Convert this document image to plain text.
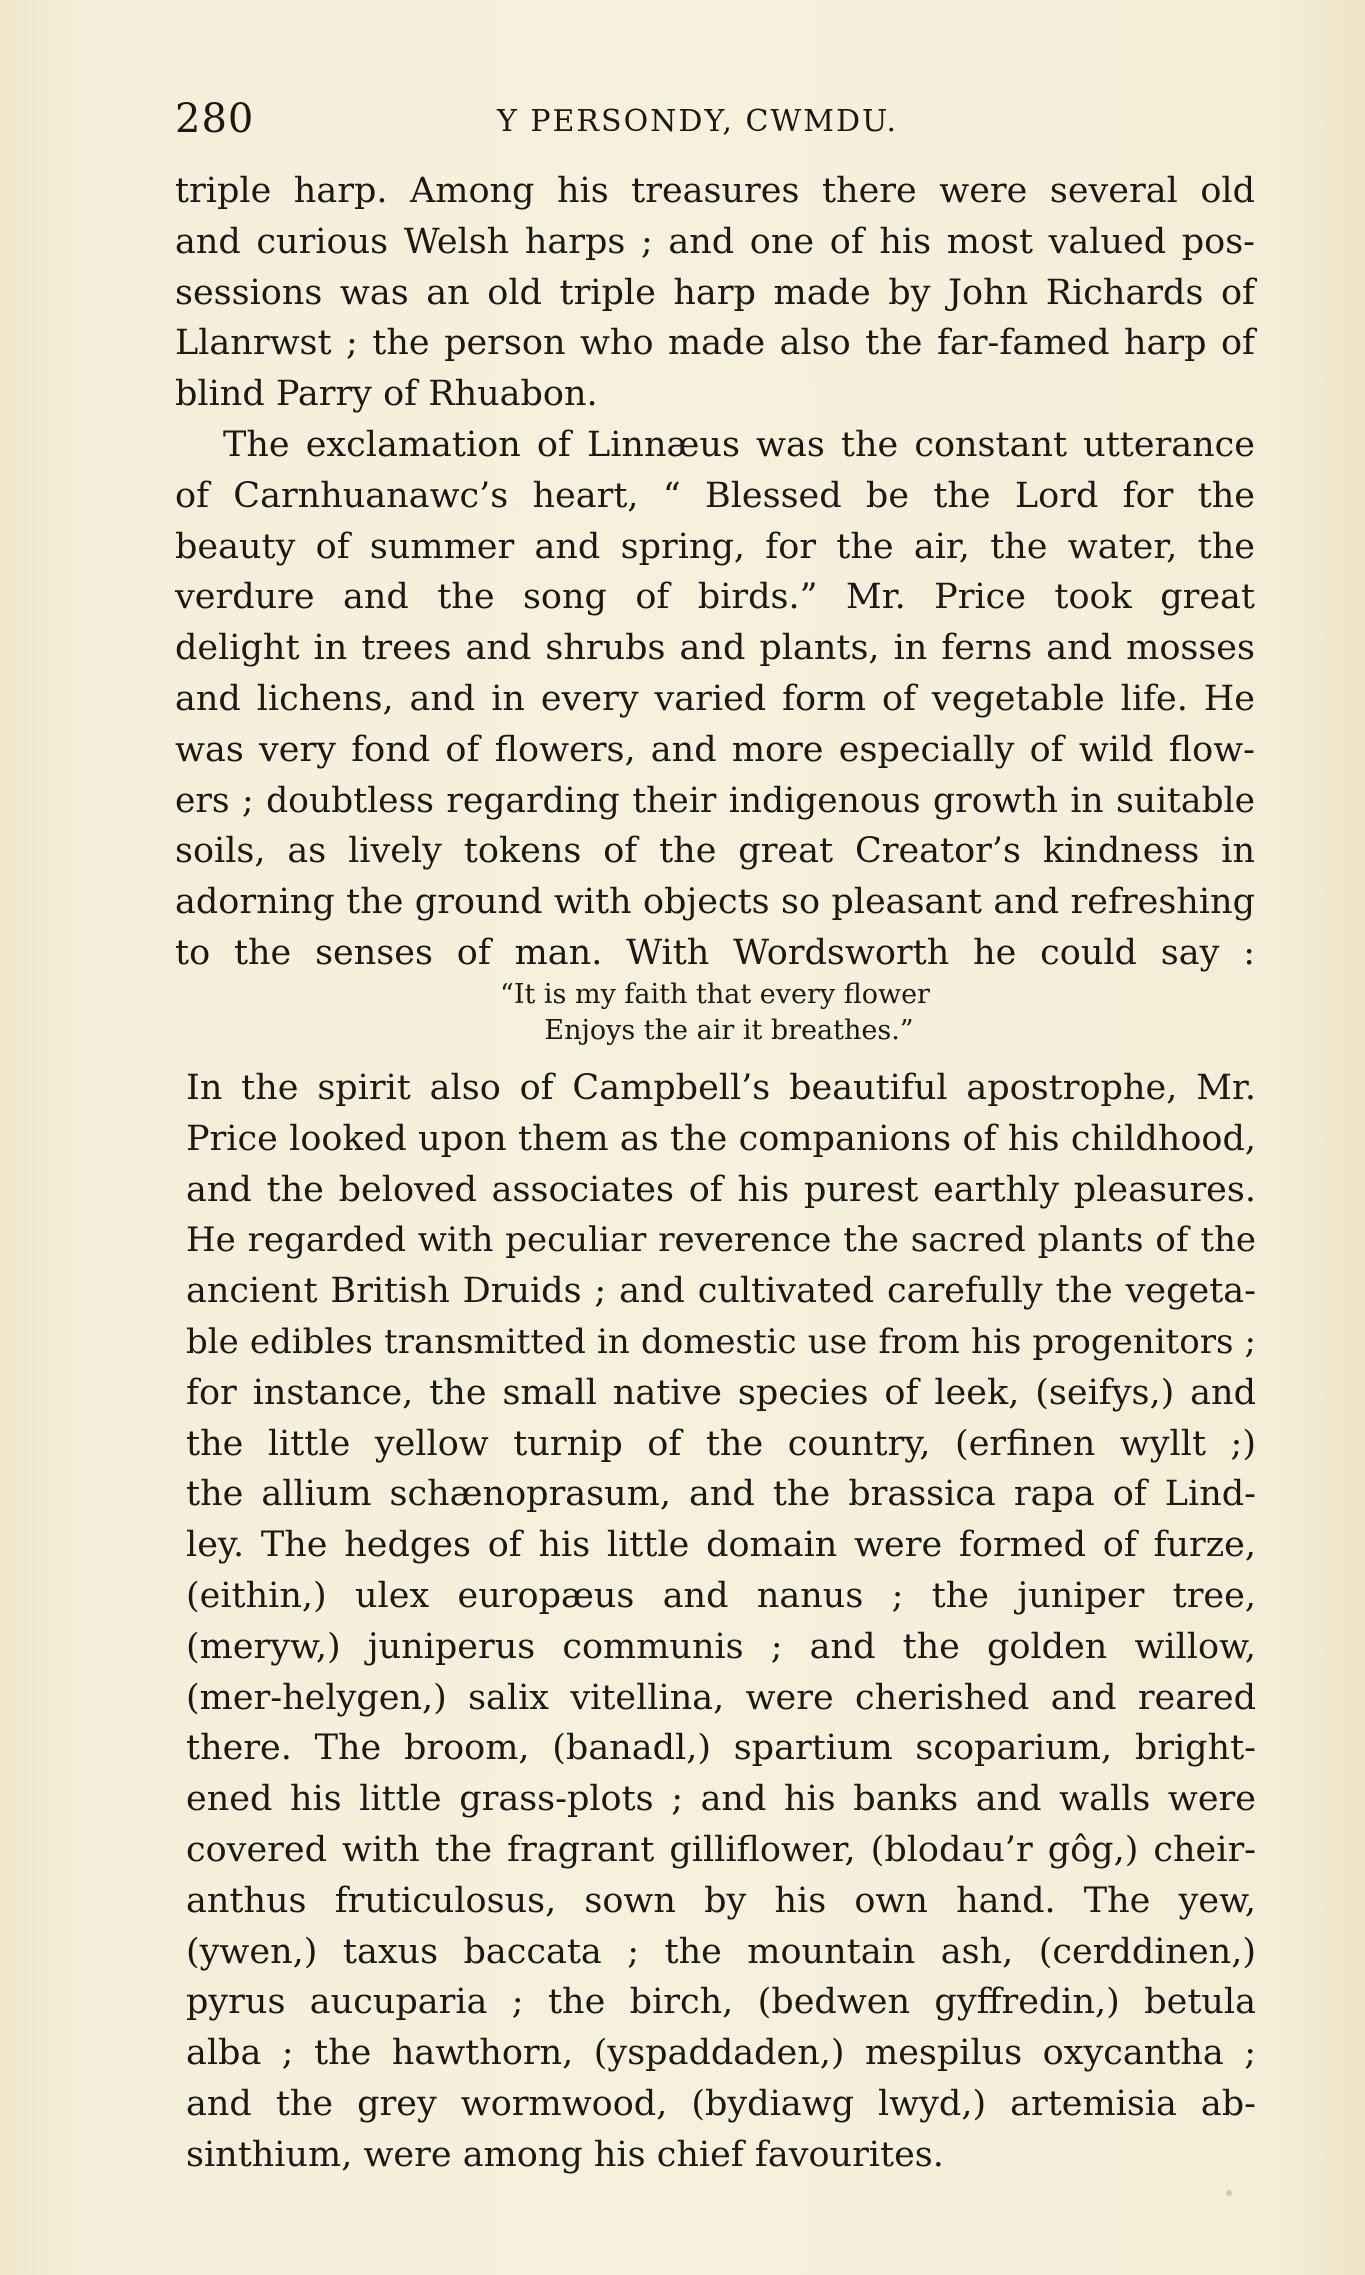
280	Y PERSONDY, CWMDU.
triple harp. Among his treasures there were several old
and curious Welsh harps ; and one of his most valued pos-
sessions was an old triple harp made by John Richards of
Llanrwst ; the person who made also the far-famed harp of
blind Parry of Rhuabon.
The exclamation of Linnæus was the constant utterance
of Carnhuanawc’s heart, “ Blessed be the Lord for the
beauty of summer and spring, for the air, the water, the
verdure and the song of birds.” Mr. Price took great
delight in trees and shrubs and plants, in ferns and mosses
and lichens, and in every varied form of vegetable life. He
was very fond of flowers, and more especially of wild flow-
ers ; doubtless regarding their indigenous growth in suitable
soils, as lively tokens of the great Creator’s kindness in
adorning the ground with objects so pleasant and refreshing
to the senses of man. With Wordsworth he could say :
“It is my faith that every flower
Enjoys the air it breathes.”
In the spirit also of Campbell’s beautiful apostrophe, Mr.
Price looked upon them as the companions of his childhood,
and the beloved associates of his purest earthly pleasures.
He regarded with peculiar reverence the sacred plants of the
ancient British Druids ; and cultivated carefully the vegeta-
ble edibles transmitted in domestic use from his progenitors ;
for instance, the small native species of leek, (seifys,) and
the little yellow turnip of the country, (erfinen wyllt ;)
the allium schænoprasum, and the brassica rapa of Lind-
ley. The hedges of his little domain were formed of furze,
(eithin,) ulex europæus and nanus ; the juniper tree,
(meryw,) juniperus communis ; and the golden willow,
(mer-helygen,) salix vitellina, were cherished and reared
there. The broom, (banadl,) spartium scoparium, bright-
ened his little grass-plots ; and his banks and walls were
covered with the fragrant gilliflower, (blodau’r gôg,) cheir-
anthus fruticulosus, sown by his own hand. The yew,
(ywen,) taxus baccata ; the mountain ash, (cerddinen,)
pyrus aucuparia ; the birch, (bedwen gyffredin,) betula
alba ; the hawthorn, (yspaddaden,) mespilus oxycantha ;
and the grey wormwood, (bydiawg lwyd,) artemisia ab-
sinthium, were among his chief favourites.
